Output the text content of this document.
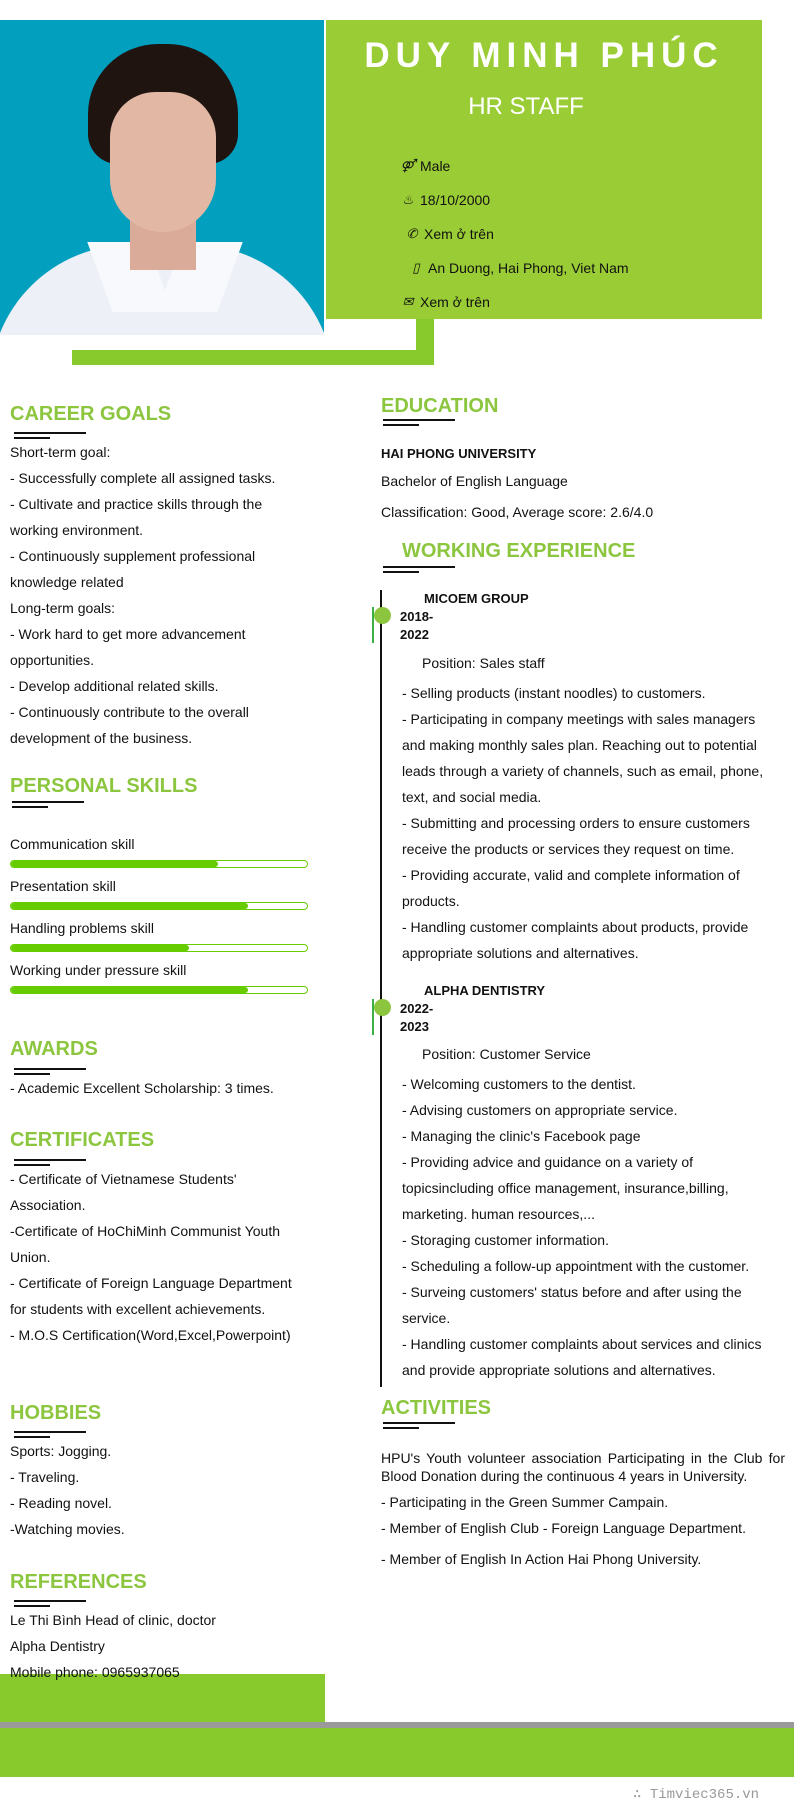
DUY MINH PHÚC
HR STAFF
⚤ Male
♨ 18/10/2000
✆ Xem ở trên
▯ An Duong, Hai Phong, Viet Nam
✉ Xem ở trên
CAREER GOALS
Short-term goal:
- Successfully complete all assigned tasks.
- Cultivate and practice skills through the
working environment.
- Continuously supplement professional
knowledge related
Long-term goals:
- Work hard to get more advancement
opportunities.
- Develop additional related skills.
- Continuously contribute to the overall
development of the business.
PERSONAL SKILLS
Communication skill
Presentation skill
Handling problems skill
Working under pressure skill
AWARDS
- Academic Excellent Scholarship: 3 times.
CERTIFICATES
- Certificate of Vietnamese Students'
Association.
-Certificate of HoChiMinh Communist Youth
Union.
- Certificate of Foreign Language Department
for students with excellent achievements.
- M.O.S Certification(Word,Excel,Powerpoint)
HOBBIES
Sports: Jogging.
- Traveling.
- Reading novel.
-Watching movies.
REFERENCES
Le Thi Bình Head of clinic, doctor
Alpha Dentistry
Mobile phone: 0965937065
EDUCATION
HAI PHONG UNIVERSITY
Bachelor of English Language
Classification: Good, Average score: 2.6/4.0
WORKING EXPERIENCE
MICOEM GROUP
2018-
2022
Position: Sales staff
- Selling products (instant noodles) to customers.
- Participating in company meetings with sales managers
and making monthly sales plan. Reaching out to potential
leads through a variety of channels, such as email, phone,
text, and social media.
- Submitting and processing orders to ensure customers
receive the products or services they request on time.
- Providing accurate, valid and complete information of
products.
- Handling customer complaints about products, provide
appropriate solutions and alternatives.
ALPHA DENTISTRY
2022-
2023
Position: Customer Service
- Welcoming customers to the dentist.
- Advising customers on appropriate service.
- Managing the clinic's Facebook page
- Providing advice and guidance on a variety of
topicsincluding office management, insurance,billing,
marketing. human resources,...
- Storaging customer information.
- Scheduling a follow-up appointment with the customer.
- Surveing customers' status before and after using the
service.
- Handling customer complaints about services and clinics
and provide appropriate solutions and alternatives.
ACTIVITIES
HPU's Youth volunteer association Participating in the Club for Blood Donation during the continuous 4 years in University.
- Participating in the Green Summer Campain.
- Member of English Club - Foreign Language Department.
- Member of English In Action Hai Phong University.
∴ Timviec365.vn
